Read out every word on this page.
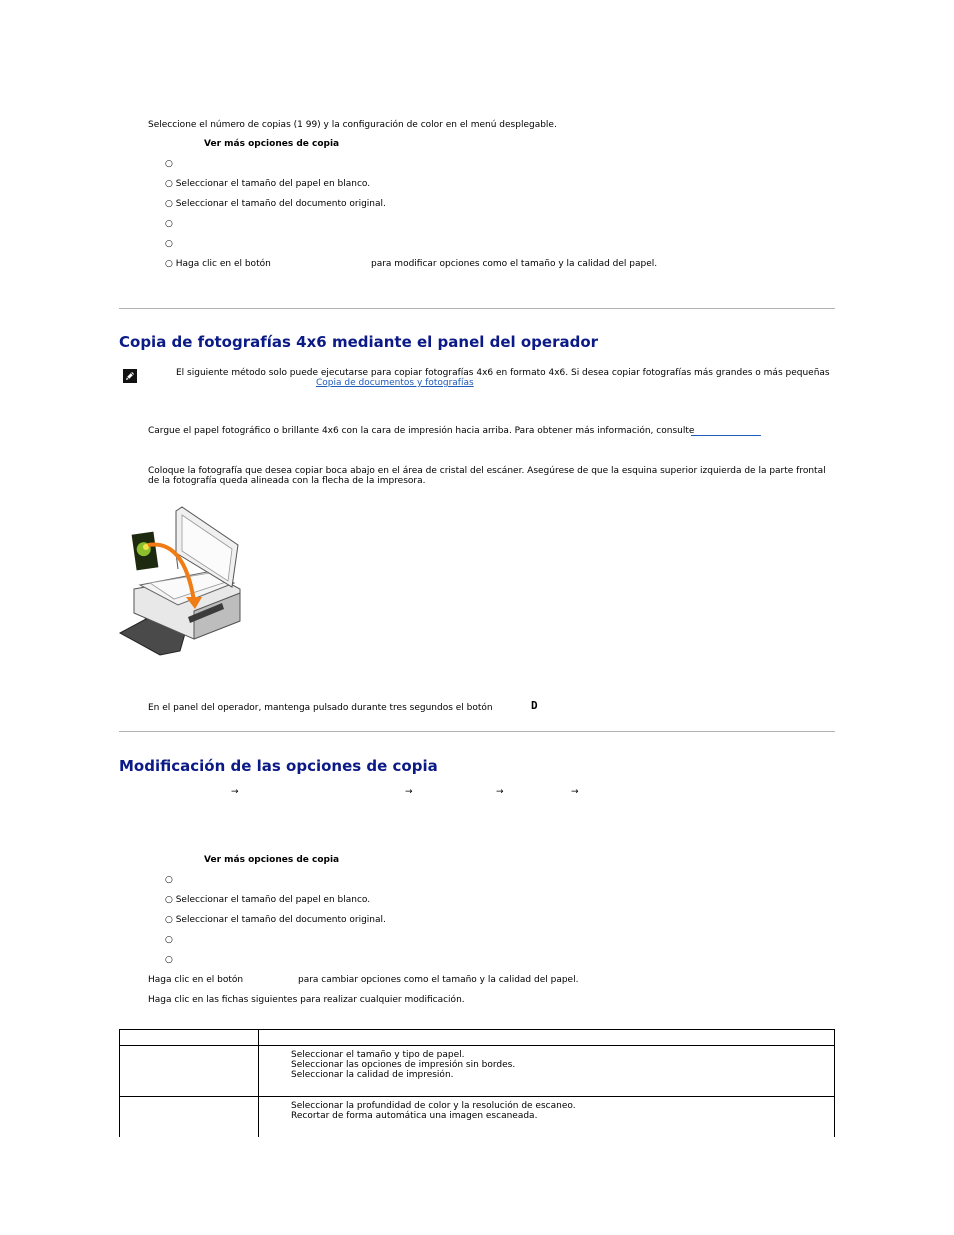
Seleccione el número de copias (1 99) y la configuración de color en el menú desplegable.
Ver más opciones de copia
○
○ Seleccionar el tamaño del papel en blanco.
○ Seleccionar el tamaño del documento original.
○
○
○ Haga clic en el botón	para modificar opciones como el tamaño y la calidad del papel.
Copia de fotografías 4x6 mediante el panel del operador
El siguiente método solo puede ejecutarse para copiar fotografías 4x6 en formato 4x6. Si desea copiar fotografías más grandes o más pequeñas
Copia de documentos y fotografías
Cargue el papel fotográfico o brillante 4x6 con la cara de impresión hacia arriba. Para obtener más información, consulte
Coloque la fotografía que desea copiar boca abajo en el área de cristal del escáner. Asegúrese de que la esquina superior izquierda de la parte frontal
de la fotografía queda alineada con la flecha de la impresora.
En el panel del operador, mantenga pulsado durante tres segundos el botón	D
Modificación de las opciones de copia
→	→	→	→
Ver más opciones de copia
○
○ Seleccionar el tamaño del papel en blanco.
○ Seleccionar el tamaño del documento original.
○
○
Haga clic en el botón	para cambiar opciones como el tamaño y la calidad del papel.
Haga clic en las fichas siguientes para realizar cualquier modificación.

	Seleccionar el tamaño y tipo de papel.
Seleccionar las opciones de impresión sin bordes.
Seleccionar la calidad de impresión.

	Seleccionar la profundidad de color y la resolución de escaneo.
Recortar de forma automática una imagen escaneada.
